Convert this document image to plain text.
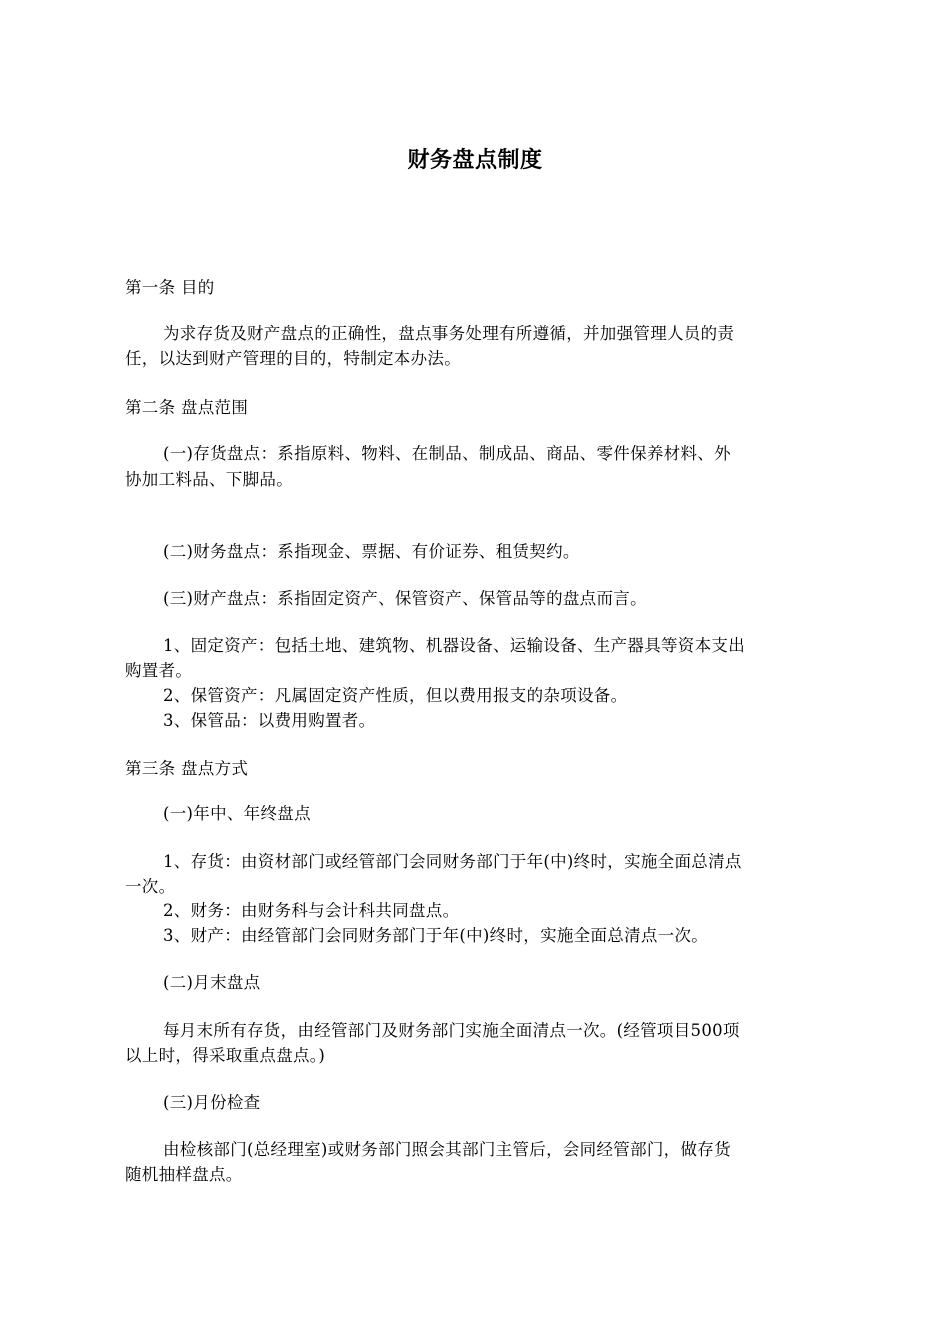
财务盘点制度
第一条 目的
为求存货及财产盘点的正确性，盘点事务处理有所遵循，并加强管理人员的责
任，以达到财产管理的目的，特制定本办法。
第二条 盘点范围
(一)存货盘点：系指原料、物料、在制品、制成品、商品、零件保养材料、外
协加工料品、下脚品。
(二)财务盘点：系指现金、票据、有价证券、租赁契约。
(三)财产盘点：系指固定资产、保管资产、保管品等的盘点而言。
1、固定资产：包括土地、建筑物、机器设备、运输设备、生产器具等资本支出
购置者。
2、保管资产：凡属固定资产性质，但以费用报支的杂项设备。
3、保管品：以费用购置者。
第三条 盘点方式
(一)年中、年终盘点
1、存货：由资材部门或经管部门会同财务部门于年(中)终时，实施全面总清点
一次。
2、财务：由财务科与会计科共同盘点。
3、财产：由经管部门会同财务部门于年(中)终时，实施全面总清点一次。
(二)月末盘点
每月末所有存货，由经管部门及财务部门实施全面清点一次。(经管项目500项
以上时，得采取重点盘点。)
(三)月份检查
由检核部门(总经理室)或财务部门照会其部门主管后，会同经管部门，做存货
随机抽样盘点。
